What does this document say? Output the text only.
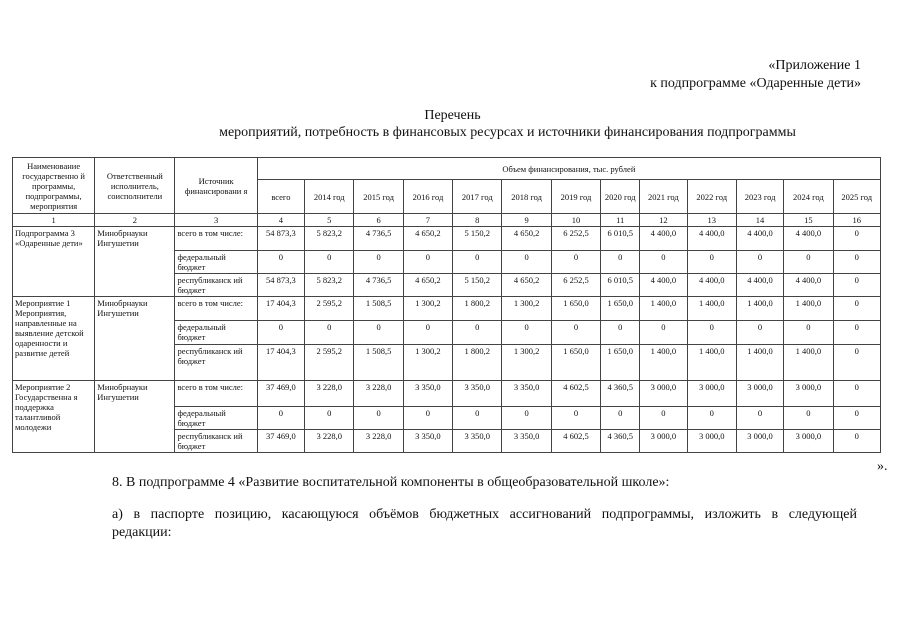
«Приложение 1
к подпрограмме «Одаренные дети»
Перечень
мероприятий, потребность в финансовых ресурсах и источники финансирования подпрограммы
Наименование государственно й программы, подпрограммы, мероприятия	Ответственный исполнитель, соисполнители	Источник финансировани я	Объем финансирования, тыс. рублей												
			всего	2014 год	2015 год	2016 год	2017 год	2018 год	2019 год	2020 год	2021 год	2022 год	2023 год	2024 год	2025 год
1	2	3	4	5	6	7	8	9	10	11	12	13	14	15	16
Подпрограмма 3 «Одаренные дети»	Минобрнауки Ингушетии	всего в том числе:	54 873,3	5 823,2	4 736,5	4 650,2	5 150,2	4 650,2	6 252,5	6 010,5	4 400,0	4 400,0	4 400,0	4 400,0	0
		федеральный бюджет	0	0	0	0	0	0	0	0	0	0	0	0	0
		республиканск ий бюджет	54 873,3	5 823,2	4 736,5	4 650,2	5 150,2	4 650,2	6 252,5	6 010,5	4 400,0	4 400,0	4 400,0	4 400,0	0
Мероприятие 1 Мероприятия, направленные на выявление детской одаренности и развитие детей	Минобрнауки Ингушетии	всего в том числе:	17 404,3	2 595,2	1 508,5	1 300,2	1 800,2	1 300,2	1 650,0	1 650,0	1 400,0	1 400,0	1 400,0	1 400,0	0
		федеральный бюджет	0	0	0	0	0	0	0	0	0	0	0	0	0
		республиканск ий бюджет	17 404,3	2 595,2	1 508,5	1 300,2	1 800,2	1 300,2	1 650,0	1 650,0	1 400,0	1 400,0	1 400,0	1 400,0	0
Мероприятие 2 Государственна я поддержка талантливой молодежи	Минобрнауки Ингушетии	всего в том числе:	37 469,0	3 228,0	3 228,0	3 350,0	3 350,0	3 350,0	4 602,5	4 360,5	3 000,0	3 000,0	3 000,0	3 000,0	0
		федеральный бюджет	0	0	0	0	0	0	0	0	0	0	0	0	0
		республиканск ий бюджет	37 469,0	3 228,0	3 228,0	3 350,0	3 350,0	3 350,0	4 602,5	4 360,5	3 000,0	3 000,0	3 000,0	3 000,0	0
».
8. В подпрограмме 4 «Развитие воспитательной компоненты в общеобразовательной школе»:
а) в паспорте позицию, касающуюся объёмов бюджетных ассигнований подпрограммы, изложить в следующей редакции:
